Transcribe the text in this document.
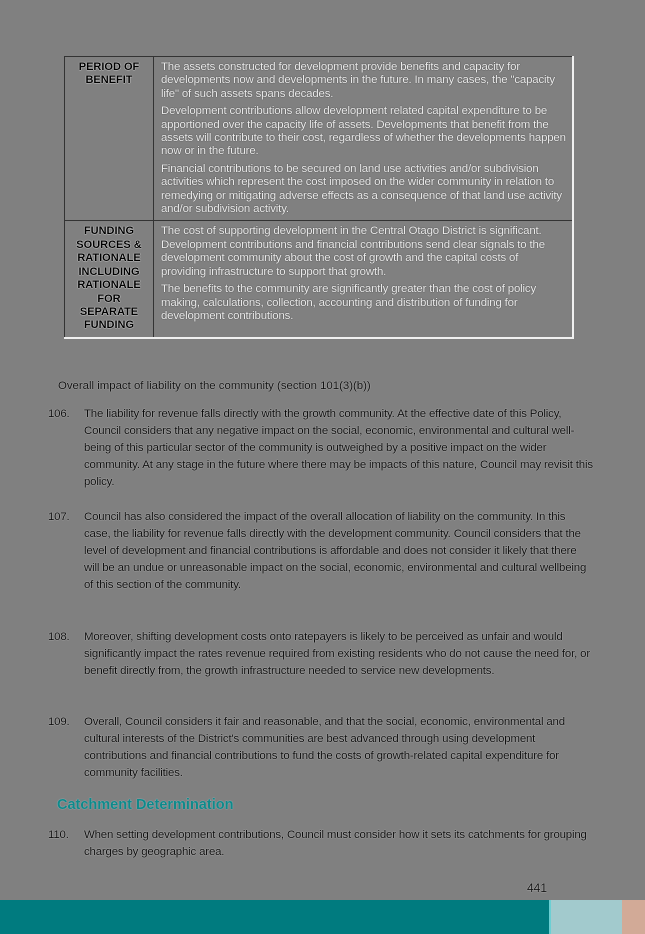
PERIOD OF BENEFIT	The assets constructed for development provide benefits and capacity for developments now and developments in the future. In many cases, the "capacity life" of such assets spans decades.

Development contributions allow development related capital expenditure to be apportioned over the capacity life of assets. Developments that benefit from the assets will contribute to their cost, regardless of whether the developments happen now or in the future.

Financial contributions to be secured on land use activities and/or subdivision activities which represent the cost imposed on the wider community in relation to remedying or mitigating adverse effects as a consequence of that land use activity and/or subdivision activity.

FUNDING SOURCES & RATIONALE INCLUDING RATIONALE FOR SEPARATE FUNDING	The cost of supporting development in the Central Otago District is significant. Development contributions and financial contributions send clear signals to the development community about the cost of growth and the capital costs of providing infrastructure to support that growth.

The benefits to the community are significantly greater than the cost of policy making, calculations, collection, accounting and distribution of funding for development contributions.

Overall impact of liability on the community (section 101(3)(b))
106.	The liability for revenue falls directly with the growth community. At the effective date of this Policy, Council considers that any negative impact on the social, economic, environmental and cultural well-being of this particular sector of the community is outweighed by a positive impact on the wider community. At any stage in the future where there may be impacts of this nature, Council may revisit this policy.
107.	Council has also considered the impact of the overall allocation of liability on the community. In this case, the liability for revenue falls directly with the development community. Council considers that the level of development and financial contributions is affordable and does not consider it likely that there will be an undue or unreasonable impact on the social, economic, environmental and cultural wellbeing of this section of the community.
108.	Moreover, shifting development costs onto ratepayers is likely to be perceived as unfair and would significantly impact the rates revenue required from existing residents who do not cause the need for, or benefit directly from, the growth infrastructure needed to service new developments.
109.	Overall, Council considers it fair and reasonable, and that the social, economic, environmental and cultural interests of the District's communities are best advanced through using development contributions and financial contributions to fund the costs of growth-related capital expenditure for community facilities.
Catchment Determination
110.	When setting development contributions, Council must consider how it sets its catchments for grouping charges by geographic area.
441
